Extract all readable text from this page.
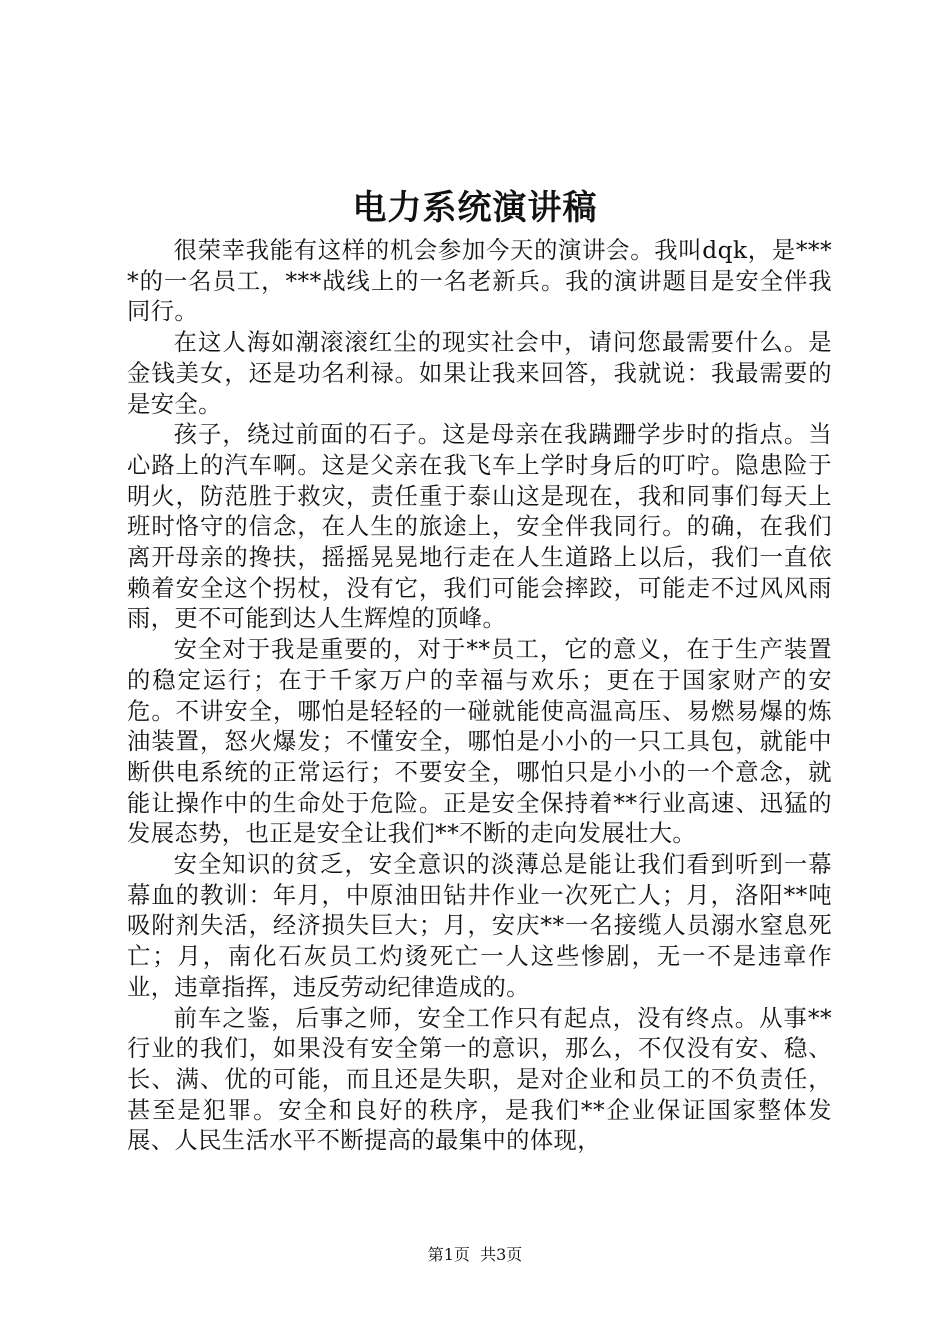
电力系统演讲稿

很荣幸我能有这样的机会参加今天的演讲会。我叫dqk，是****的一名员工，***战线上的一名老新兵。我的演讲题目是安全伴我同行。

在这人海如潮滚滚红尘的现实社会中，请问您最需要什么。是金钱美女，还是功名利禄。如果让我来回答，我就说：我最需要的是安全。

孩子，绕过前面的石子。这是母亲在我蹒跚学步时的指点。当心路上的汽车啊。这是父亲在我飞车上学时身后的叮咛。隐患险于明火，防范胜于救灾，责任重于泰山这是现在，我和同事们每天上班时恪守的信念，在人生的旅途上，安全伴我同行。的确，在我们离开母亲的搀扶，摇摇晃晃地行走在人生道路上以后，我们一直依赖着安全这个拐杖，没有它，我们可能会摔跤，可能走不过风风雨雨，更不可能到达人生辉煌的顶峰。

安全对于我是重要的，对于**员工，它的意义，在于生产装置的稳定运行；在于千家万户的幸福与欢乐；更在于国家财产的安危。不讲安全，哪怕是轻轻的一碰就能使高温高压、易燃易爆的炼油装置，怒火爆发；不懂安全，哪怕是小小的一只工具包，就能中断供电系统的正常运行；不要安全，哪怕只是小小的一个意念，就能让操作中的生命处于危险。正是安全保持着**行业高速、迅猛的发展态势，也正是安全让我们**不断的走向发展壮大。

安全知识的贫乏，安全意识的淡薄总是能让我们看到听到一幕幕血的教训：年月，中原油田钻井作业一次死亡人；月，洛阳**吨吸附剂失活，经济损失巨大；月，安庆**一名接缆人员溺水窒息死亡；月，南化石灰员工灼烫死亡一人这些惨剧，无一不是违章作业，违章指挥，违反劳动纪律造成的。

前车之鉴，后事之师，安全工作只有起点，没有终点。从事**行业的我们，如果没有安全第一的意识，那么，不仅没有安、稳、长、满、优的可能，而且还是失职，是对企业和员工的不负责任，甚至是犯罪。安全和良好的秩序，是我们**企业保证国家整体发展、人民生活水平不断提高的最集中的体现，

第1页 共3页
